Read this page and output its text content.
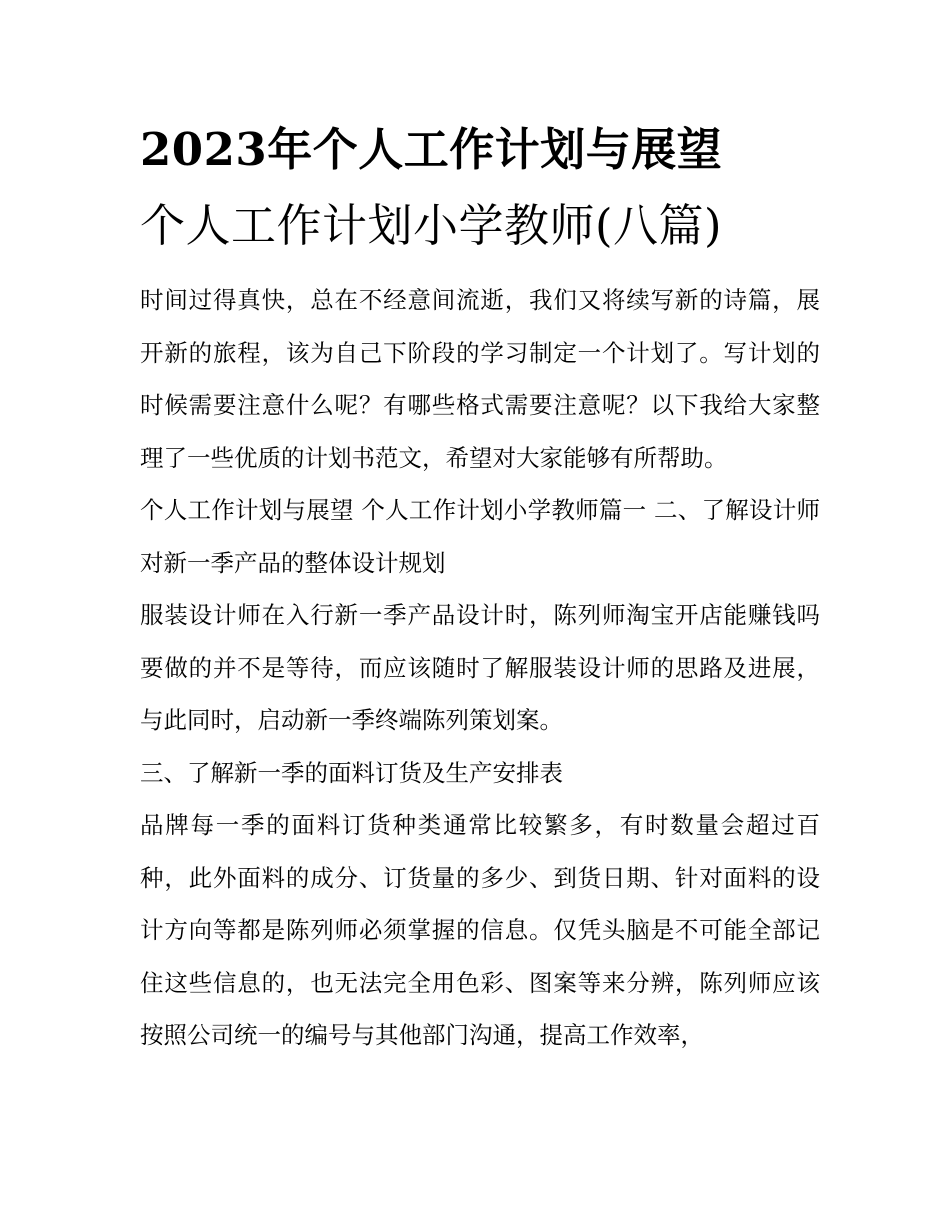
2023年个人工作计划与展望
个人工作计划小学教师(八篇)

时间过得真快，总在不经意间流逝，我们又将续写新的诗篇，展开新的旅程，该为自己下阶段的学习制定一个计划了。写计划的时候需要注意什么呢？有哪些格式需要注意呢？以下我给大家整理了一些优质的计划书范文，希望对大家能够有所帮助。

个人工作计划与展望 个人工作计划小学教师篇一 二、了解设计师对新一季产品的整体设计规划

服装设计师在入行新一季产品设计时，陈列师淘宝开店能赚钱吗要做的并不是等待，而应该随时了解服装设计师的思路及进展，与此同时，启动新一季终端陈列策划案。

三、了解新一季的面料订货及生产安排表

品牌每一季的面料订货种类通常比较繁多，有时数量会超过百种，此外面料的成分、订货量的多少、到货日期、针对面料的设计方向等都是陈列师必须掌握的信息。仅凭头脑是不可能全部记住这些信息的，也无法完全用色彩、图案等来分辨，陈列师应该按照公司统一的编号与其他部门沟通，提高工作效率，
